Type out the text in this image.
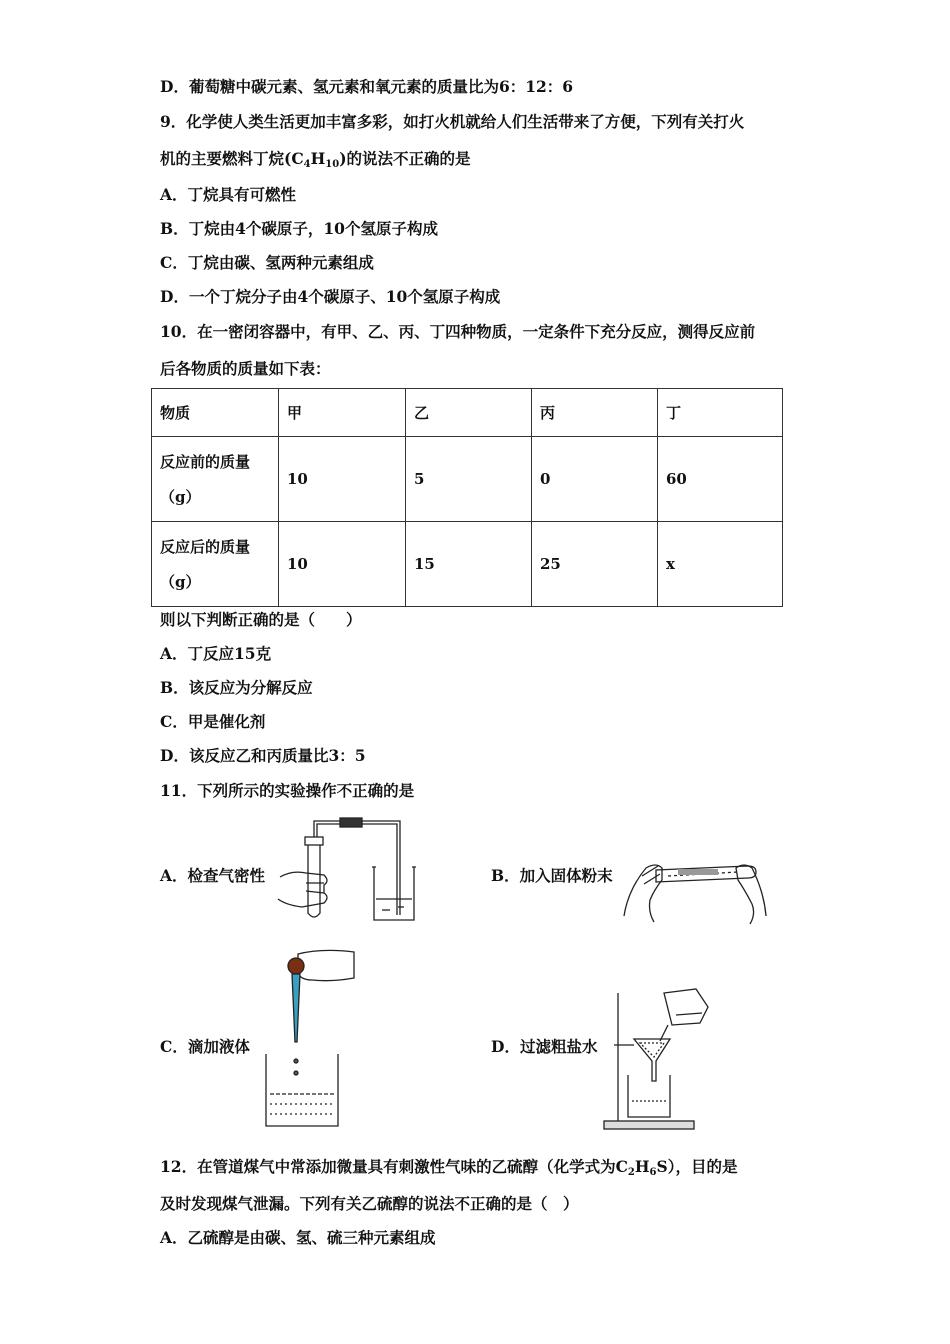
D．葡萄糖中碳元素、氢元素和氧元素的质量比为6：12：6
9．化学使人类生活更加丰富多彩，如打火机就给人们生活带来了方便，下列有关打火
机的主要燃料丁烷$(C_4H_{10})$的说法不正确的是
A．丁烷具有可燃性
B．丁烷由4个碳原子，10个氢原子构成
C．丁烷由碳、氢两种元素组成
D．一个丁烷分子由4个碳原子、10个氢原子构成
10．在一密闭容器中，有甲、乙、丙、丁四种物质，一定条件下充分反应，测得反应前
后各物质的质量如下表：
物质	甲	乙	丙	丁

反应前的质量
（g）	10	5	0	60

反应后的质量
（g）	10	15	25	x
则以下判断正确的是（　　）
A．丁反应15克
B．该反应为分解反应
C．甲是催化剂
D．该反应乙和丙质量比3：5
11．下列所示的实验操作不正确的是
A．检查气密性	B．加入固体粉末
C．滴加液体	D．过滤粗盐水
12．在管道煤气中常添加微量具有刺激性气味的乙硫醇（化学式为$C_2H_6S$），目的是
及时发现煤气泄漏。下列有关乙硫醇的说法不正确的是（　）
A．乙硫醇是由碳、氢、硫三种元素组成
